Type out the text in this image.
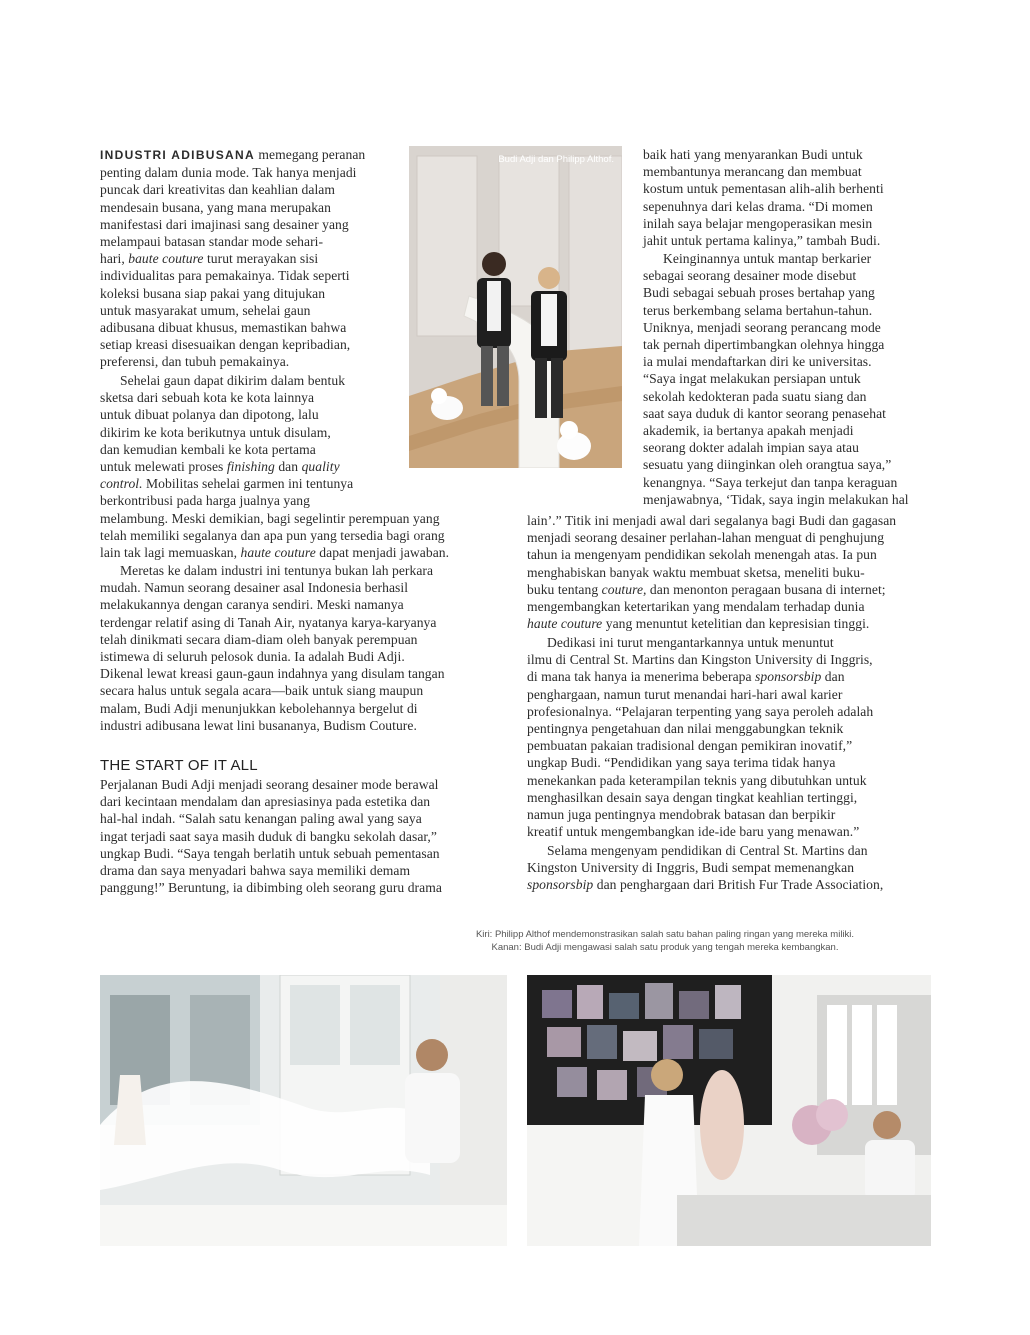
INDUSTRI ADIBUSANA memegang peranan
penting dalam dunia mode. Tak hanya menjadi
puncak dari kreativitas dan keahlian dalam
mendesain busana, yang mana merupakan
manifestasi dari imajinasi sang desainer yang
melampaui batasan standar mode sehari-
hari, baute couture turut merayakan sisi
individualitas para pemakainya. Tidak seperti
koleksi busana siap pakai yang ditujukan
untuk masyarakat umum, sehelai gaun
adibusana dibuat khusus, memastikan bahwa
setiap kreasi disesuaikan dengan kepribadian,
preferensi, dan tubuh pemakainya.
Sehelai gaun dapat dikirim dalam bentuk
sketsa dari sebuah kota ke kota lainnya
untuk dibuat polanya dan dipotong, lalu
dikirim ke kota berikutnya untuk disulam,
dan kemudian kembali ke kota pertama
untuk melewati proses finishing dan quality
control. Mobilitas sehelai garmen ini tentunya
berkontribusi pada harga jualnya yang
melambung. Meski demikian, bagi segelintir perempuan yang
telah memiliki segalanya dan apa pun yang tersedia bagi orang
lain tak lagi memuaskan, haute couture dapat menjadi jawaban.
Meretas ke dalam industri ini tentunya bukan lah perkara
mudah. Namun seorang desainer asal Indonesia berhasil
melakukannya dengan caranya sendiri. Meski namanya
terdengar relatif asing di Tanah Air, nyatanya karya-karyanya
telah dinikmati secara diam-diam oleh banyak perempuan
istimewa di seluruh pelosok dunia. Ia adalah Budi Adji.
Dikenal lewat kreasi gaun-gaun indahnya yang disulam tangan
secara halus untuk segala acara—baik untuk siang maupun
malam, Budi Adji menunjukkan kebolehannya bergelut di
industri adibusana lewat lini busananya, Budism Couture.
THE START OF IT ALL
Perjalanan Budi Adji menjadi seorang desainer mode berawal
dari kecintaan mendalam dan apresiasinya pada estetika dan
hal-hal indah. “Salah satu kenangan paling awal yang saya
ingat terjadi saat saya masih duduk di bangku sekolah dasar,”
ungkap Budi. “Saya tengah berlatih untuk sebuah pementasan
drama dan saya menyadari bahwa saya memiliki demam
panggung!” Beruntung, ia dibimbing oleh seorang guru drama
Budi Adji dan Philipp Althof. baik hati yang menyarankan Budi untuk
membantunya merancang dan membuat
kostum untuk pementasan alih-alih berhenti
sepenuhnya dari kelas drama. “Di momen
inilah saya belajar mengoperasikan mesin
jahit untuk pertama kalinya,” tambah Budi.
Keinginannya untuk mantap berkarier
sebagai seorang desainer mode disebut
Budi sebagai sebuah proses bertahap yang
terus berkembang selama bertahun-tahun.
Uniknya, menjadi seorang perancang mode
tak pernah dipertimbangkan olehnya hingga
ia mulai mendaftarkan diri ke universitas.
“Saya ingat melakukan persiapan untuk
sekolah kedokteran pada suatu siang dan
saat saya duduk di kantor seorang penasehat
akademik, ia bertanya apakah menjadi
seorang dokter adalah impian saya atau
sesuatu yang diinginkan oleh orangtua saya,”
kenangnya. “Saya terkejut dan tanpa keraguan
menjawabnya, ‘Tidak, saya ingin melakukan hal
lain’.” Titik ini menjadi awal dari segalanya bagi Budi dan gagasan
menjadi seorang desainer perlahan-lahan menguat di penghujung
tahun ia mengenyam pendidikan sekolah menengah atas. Ia pun
menghabiskan banyak waktu membuat sketsa, meneliti buku-
buku tentang couture, dan menonton peragaan busana di internet;
mengembangkan ketertarikan yang mendalam terhadap dunia
haute couture yang menuntut ketelitian dan kepresisian tinggi.
Dedikasi ini turut mengantarkannya untuk menuntut
ilmu di Central St. Martins dan Kingston University di Inggris,
di mana tak hanya ia menerima beberapa sponsorsbip dan
penghargaan, namun turut menandai hari-hari awal karier
profesionalnya. “Pelajaran terpenting yang saya peroleh adalah
pentingnya pengetahuan dan nilai menggabungkan teknik
pembuatan pakaian tradisional dengan pemikiran inovatif,”
ungkap Budi. “Pendidikan yang saya terima tidak hanya
menekankan pada keterampilan teknis yang dibutuhkan untuk
menghasilkan desain saya dengan tingkat keahlian tertinggi,
namun juga pentingnya mendobrak batasan dan berpikir
kreatif untuk mengembangkan ide-ide baru yang menawan.”
Selama mengenyam pendidikan di Central St. Martins dan
Kingston University di Inggris, Budi sempat memenangkan
sponsorsbip dan penghargaan dari British Fur Trade Association,
Kiri: Philipp Althof mendemonstrasikan salah satu bahan paling ringan yang mereka miliki.
Kanan: Budi Adji mengawasi salah satu produk yang tengah mereka kembangkan.
